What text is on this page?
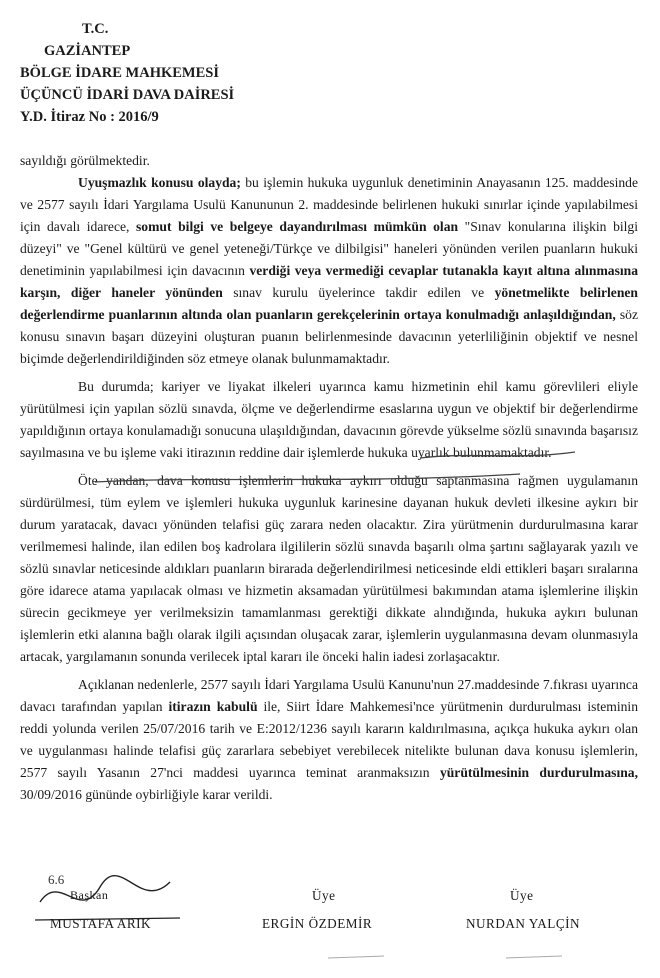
T.C.
GAZİANTEP
BÖLGE İDARE MAHKEMESİ
ÜÇÜNCÜ İDARİ DAVA DAİRESİ
Y.D. İtiraz No : 2016/9

sayıldığı görülmektedir.

Uyuşmazlık konusu olayda; bu işlemin hukuka uygunluk denetiminin Anayasanın 125. maddesinde ve 2577 sayılı İdari Yargılama Usulü Kanununun 2. maddesinde belirlenen hukuki sınırlar içinde yapılabilmesi için davalı idarece, somut bilgi ve belgeye dayandırılması mümkün olan "Sınav konularına ilişkin bilgi düzeyi" ve "Genel kültürü ve genel yeteneği/Türkçe ve dilbilgisi" haneleri yönünden verilen puanların hukuki denetiminin yapılabilmesi için davacının verdiği veya vermediği cevaplar tutanakla kayıt altına alınmasına karşın, diğer haneler yönünden sınav kurulu üyelerince takdir edilen ve yönetmelikte belirlenen değerlendirme puanlarının altında olan puanların gerekçelerinin ortaya konulmadığı anlaşıldığından, söz konusu sınavın başarı düzeyini oluşturan puanın belirlenmesinde davacının yeterliliğinin objektif ve nesnel biçimde değerlendirildiğinden söz etmeye olanak bulunmamaktadır.

Bu durumda; kariyer ve liyakat ilkeleri uyarınca kamu hizmetinin ehil kamu görevlileri eliyle yürütülmesi için yapılan sözlü sınavda, ölçme ve değerlendirme esaslarına uygun ve objektif bir değerlendirme yapıldığının ortaya konulamadığı sonucuna ulaşıldığından, davacının görevde yükselme sözlü sınavında başarısız sayılmasına ve bu işleme vaki itirazının reddine dair işlemlerde hukuka uyarlık bulunmamaktadır.

Öte yandan, dava konusu işlemlerin hukuka aykırı olduğu saptanmasına rağmen uygulamanın sürdürülmesi, tüm eylem ve işlemleri hukuka uygunluk karinesine dayanan hukuk devleti ilkesine aykırı bir durum yaratacak, davacı yönünden telafisi güç zarara neden olacaktır. Zira yürütmenin durdurulmasına karar verilmemesi halinde, ilan edilen boş kadrolara ilgililerin sözlü sınavda başarılı olma şartını sağlayarak yazılı ve sözlü sınavlar neticesinde aldıkları puanların birarada değerlendirilmesi neticesinde eldi ettikleri başarı sıralarına göre idarece atama yapılacak olması ve hizmetin aksamadan yürütülmesi bakımından atama işlemlerine ilişkin sürecin gecikmeye yer verilmeksizin tamamlanması gerektiği dikkate alındığında, hukuka aykırı bulunan işlemlerin etki alanına bağlı olarak ilgili açısından oluşacak zarar, işlemlerin uygulanmasına devam olunmasıyla artacak, yargılamanın sonunda verilecek iptal kararı ile önceki halin iadesi zorlaşacaktır.

Açıklanan nedenlerle, 2577 sayılı İdari Yargılama Usulü Kanunu'nun 27.maddesinde 7.fıkrası uyarınca davacı tarafından yapılan itirazın kabulü ile, Siirt İdare Mahkemesi'nce yürütmenin durdurulması isteminin reddi yolunda verilen 25/07/2016 tarih ve E:2012/1236 sayılı kararın kaldırılmasına, açıkça hukuka aykırı olan ve uygulanması halinde telafisi güç zararlara sebebiyet verebilecek nitelikte bulunan dava konusu işlemlerin, 2577 sayılı Yasanın 27'nci maddesi uyarınca teminat aranmaksızın yürütülmesinin durdurulmasına, 30/09/2016 gününde oybirliğiyle karar verildi.

Başkan
MUSTAFA ARIK
6.6
Üye
ERGİN ÖZDEMİR
Üye
NURDAN YALÇİN
